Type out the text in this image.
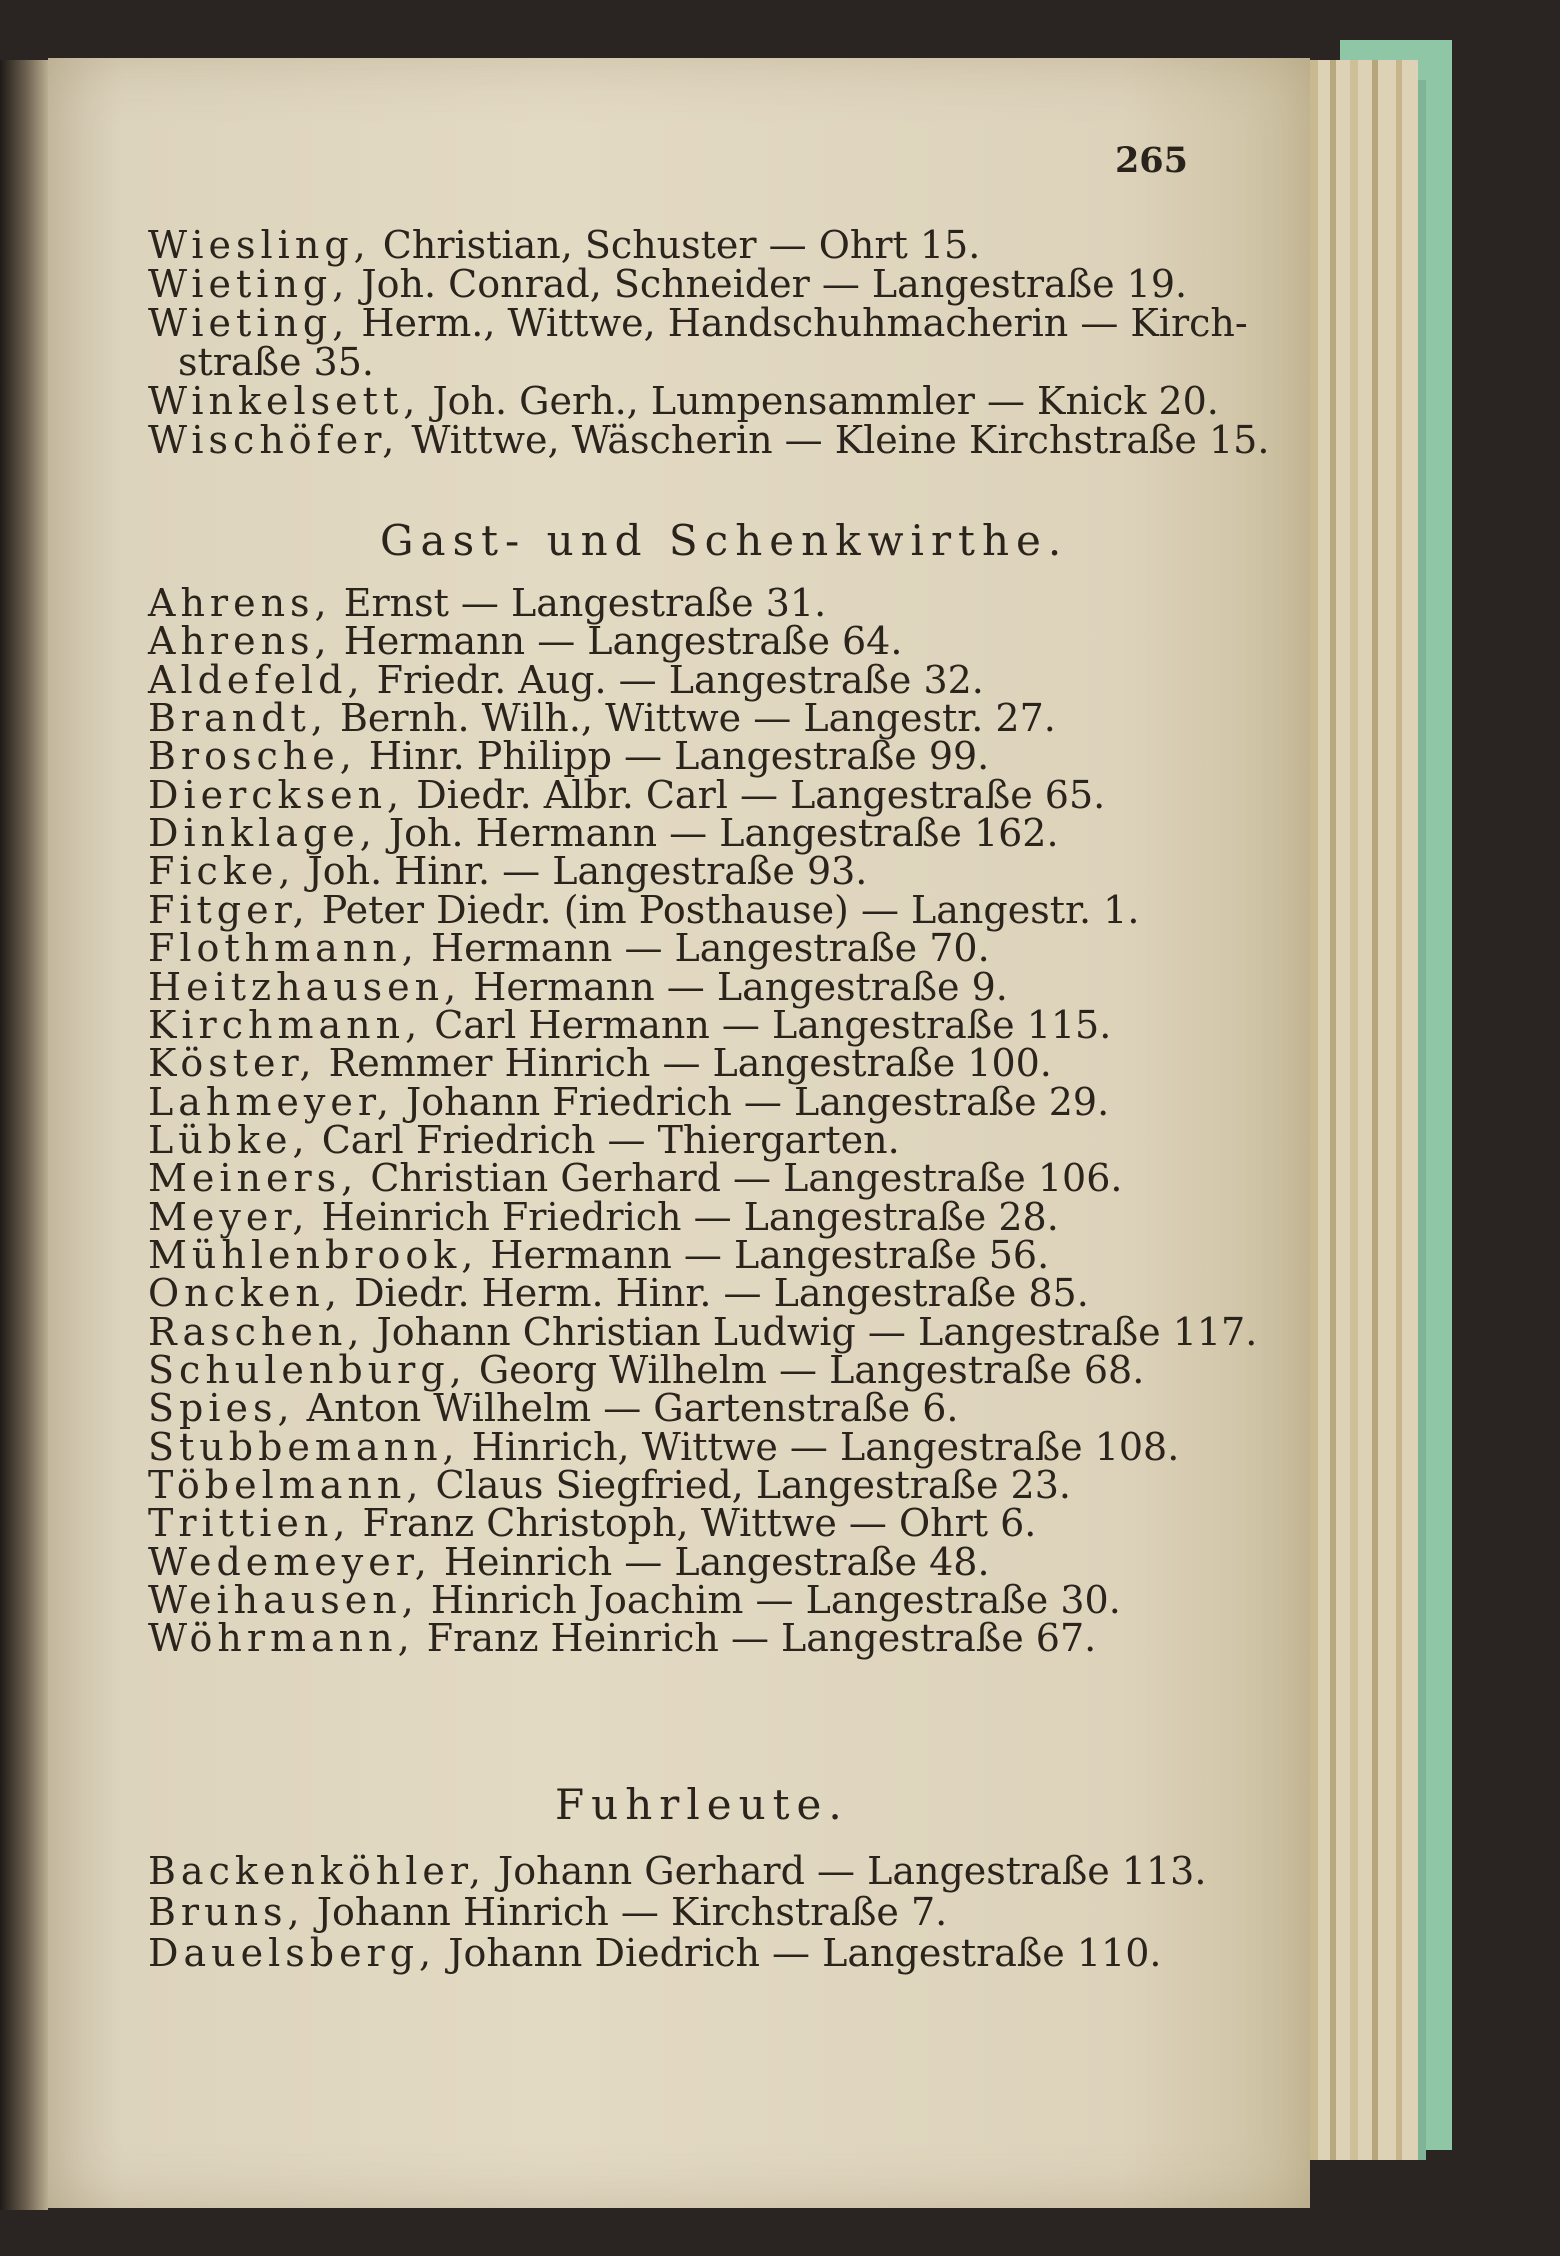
265
Wiesling, Christian, Schuster — Ohrt 15.
Wieting, Joh. Conrad, Schneider — Langestraße 19.
Wieting, Herm., Wittwe, Handschuhmacherin — Kirch-
straße 35.
Winkelsett, Joh. Gerh., Lumpensammler — Knick 20.
Wischöfer, Wittwe, Wäscherin — Kleine Kirchstraße 15.
Gast- und Schenkwirthe.
Ahrens, Ernst — Langestraße 31.
Ahrens, Hermann — Langestraße 64.
Aldefeld, Friedr. Aug. — Langestraße 32.
Brandt, Bernh. Wilh., Wittwe — Langestr. 27.
Brosche, Hinr. Philipp — Langestraße 99.
Diercksen, Diedr. Albr. Carl — Langestraße 65.
Dinklage, Joh. Hermann — Langestraße 162.
Ficke, Joh. Hinr. — Langestraße 93.
Fitger, Peter Diedr. (im Posthause) — Langestr. 1.
Flothmann, Hermann — Langestraße 70.
Heitzhausen, Hermann — Langestraße 9.
Kirchmann, Carl Hermann — Langestraße 115.
Köster, Remmer Hinrich — Langestraße 100.
Lahmeyer, Johann Friedrich — Langestraße 29.
Lübke, Carl Friedrich — Thiergarten.
Meiners, Christian Gerhard — Langestraße 106.
Meyer, Heinrich Friedrich — Langestraße 28.
Mühlenbrook, Hermann — Langestraße 56.
Oncken, Diedr. Herm. Hinr. — Langestraße 85.
Raschen, Johann Christian Ludwig — Langestraße 117.
Schulenburg, Georg Wilhelm — Langestraße 68.
Spies, Anton Wilhelm — Gartenstraße 6.
Stubbemann, Hinrich, Wittwe — Langestraße 108.
Töbelmann, Claus Siegfried, Langestraße 23.
Trittien, Franz Christoph, Wittwe — Ohrt 6.
Wedemeyer, Heinrich — Langestraße 48.
Weihausen, Hinrich Joachim — Langestraße 30.
Wöhrmann, Franz Heinrich — Langestraße 67.
Fuhrleute.
Backenköhler, Johann Gerhard — Langestraße 113.
Bruns, Johann Hinrich — Kirchstraße 7.
Dauelsberg, Johann Diedrich — Langestraße 110.
